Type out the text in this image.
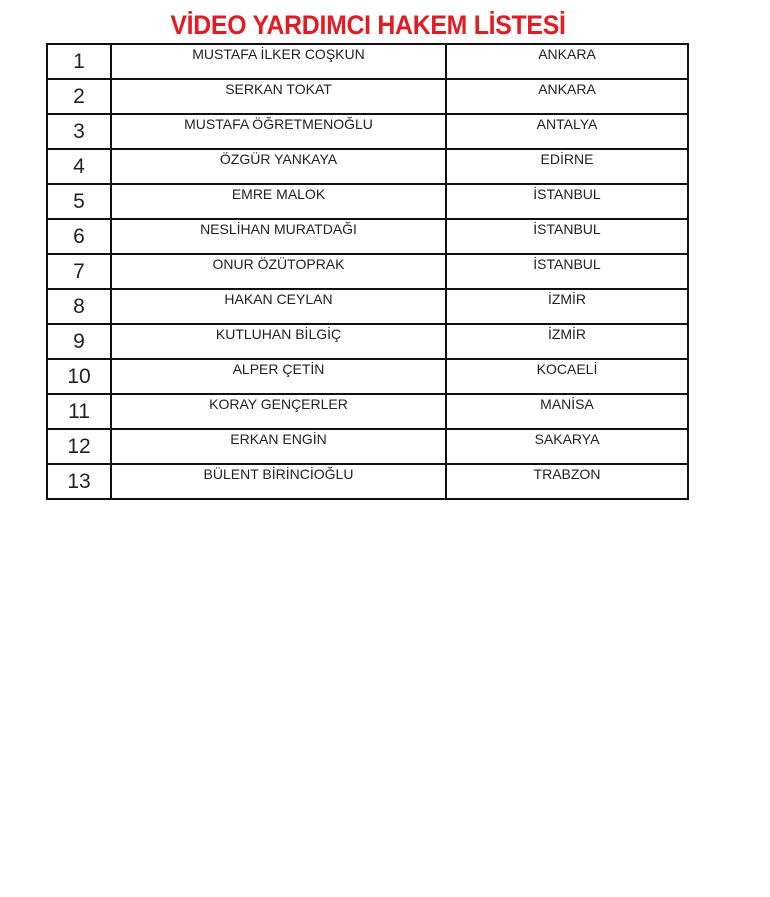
VİDEO YARDIMCI HAKEM LİSTESİ
1	MUSTAFA İLKER COŞKUN	ANKARA
2	SERKAN TOKAT	ANKARA
3	MUSTAFA ÖĞRETMENOĞLU	ANTALYA
4	ÖZGÜR YANKAYA	EDİRNE
5	EMRE MALOK	İSTANBUL
6	NESLİHAN MURATDAĞI	İSTANBUL
7	ONUR ÖZÜTOPRAK	İSTANBUL
8	HAKAN CEYLAN	İZMİR
9	KUTLUHAN BİLGİÇ	İZMİR
10	ALPER ÇETİN	KOCAELİ
11	KORAY GENÇERLER	MANİSA
12	ERKAN ENGİN	SAKARYA
13	BÜLENT BİRİNCİOĞLU	TRABZON
